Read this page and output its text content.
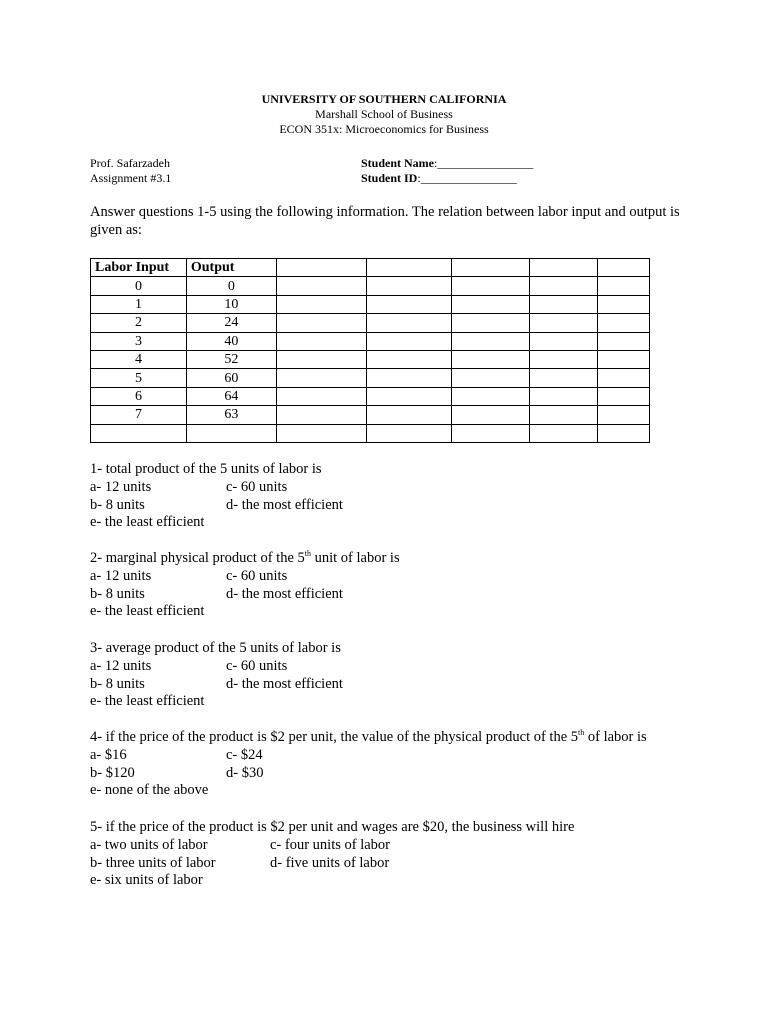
UNIVERSITY OF SOUTHERN CALIFORNIA
Marshall School of Business
ECON 351x: Microeconomics for Business
Prof. Safarzadeh
Assignment #3.1
Student Name:________________
Student ID:________________
Answer questions 1-5 using the following information. The relation between labor input and output is given as:
Labor Input	Output					
0	0					
1	10					
2	24					
3	40					
4	52					
5	60					
6	64					
7	63					

1- total product of the 5 units of labor is
a- 12 units	c- 60 units
b- 8 units	d- the most efficient
e- the least efficient
2- marginal physical product of the 5th unit of labor is
a- 12 units	c- 60 units
b- 8 units	d- the most efficient
e- the least efficient
3- average product of the 5 units of labor is
a- 12 units	c- 60 units
b- 8 units	d- the most efficient
e- the least efficient
4- if the price of the product is $2 per unit, the value of the physical product of the 5th of labor is
a- $16	c- $24
b- $120	d- $30
e- none of the above
5- if the price of the product is $2 per unit and wages are $20, the business will hire
a- two units of labor	c- four units of labor
b- three units of labor	d- five units of labor
e- six units of labor
